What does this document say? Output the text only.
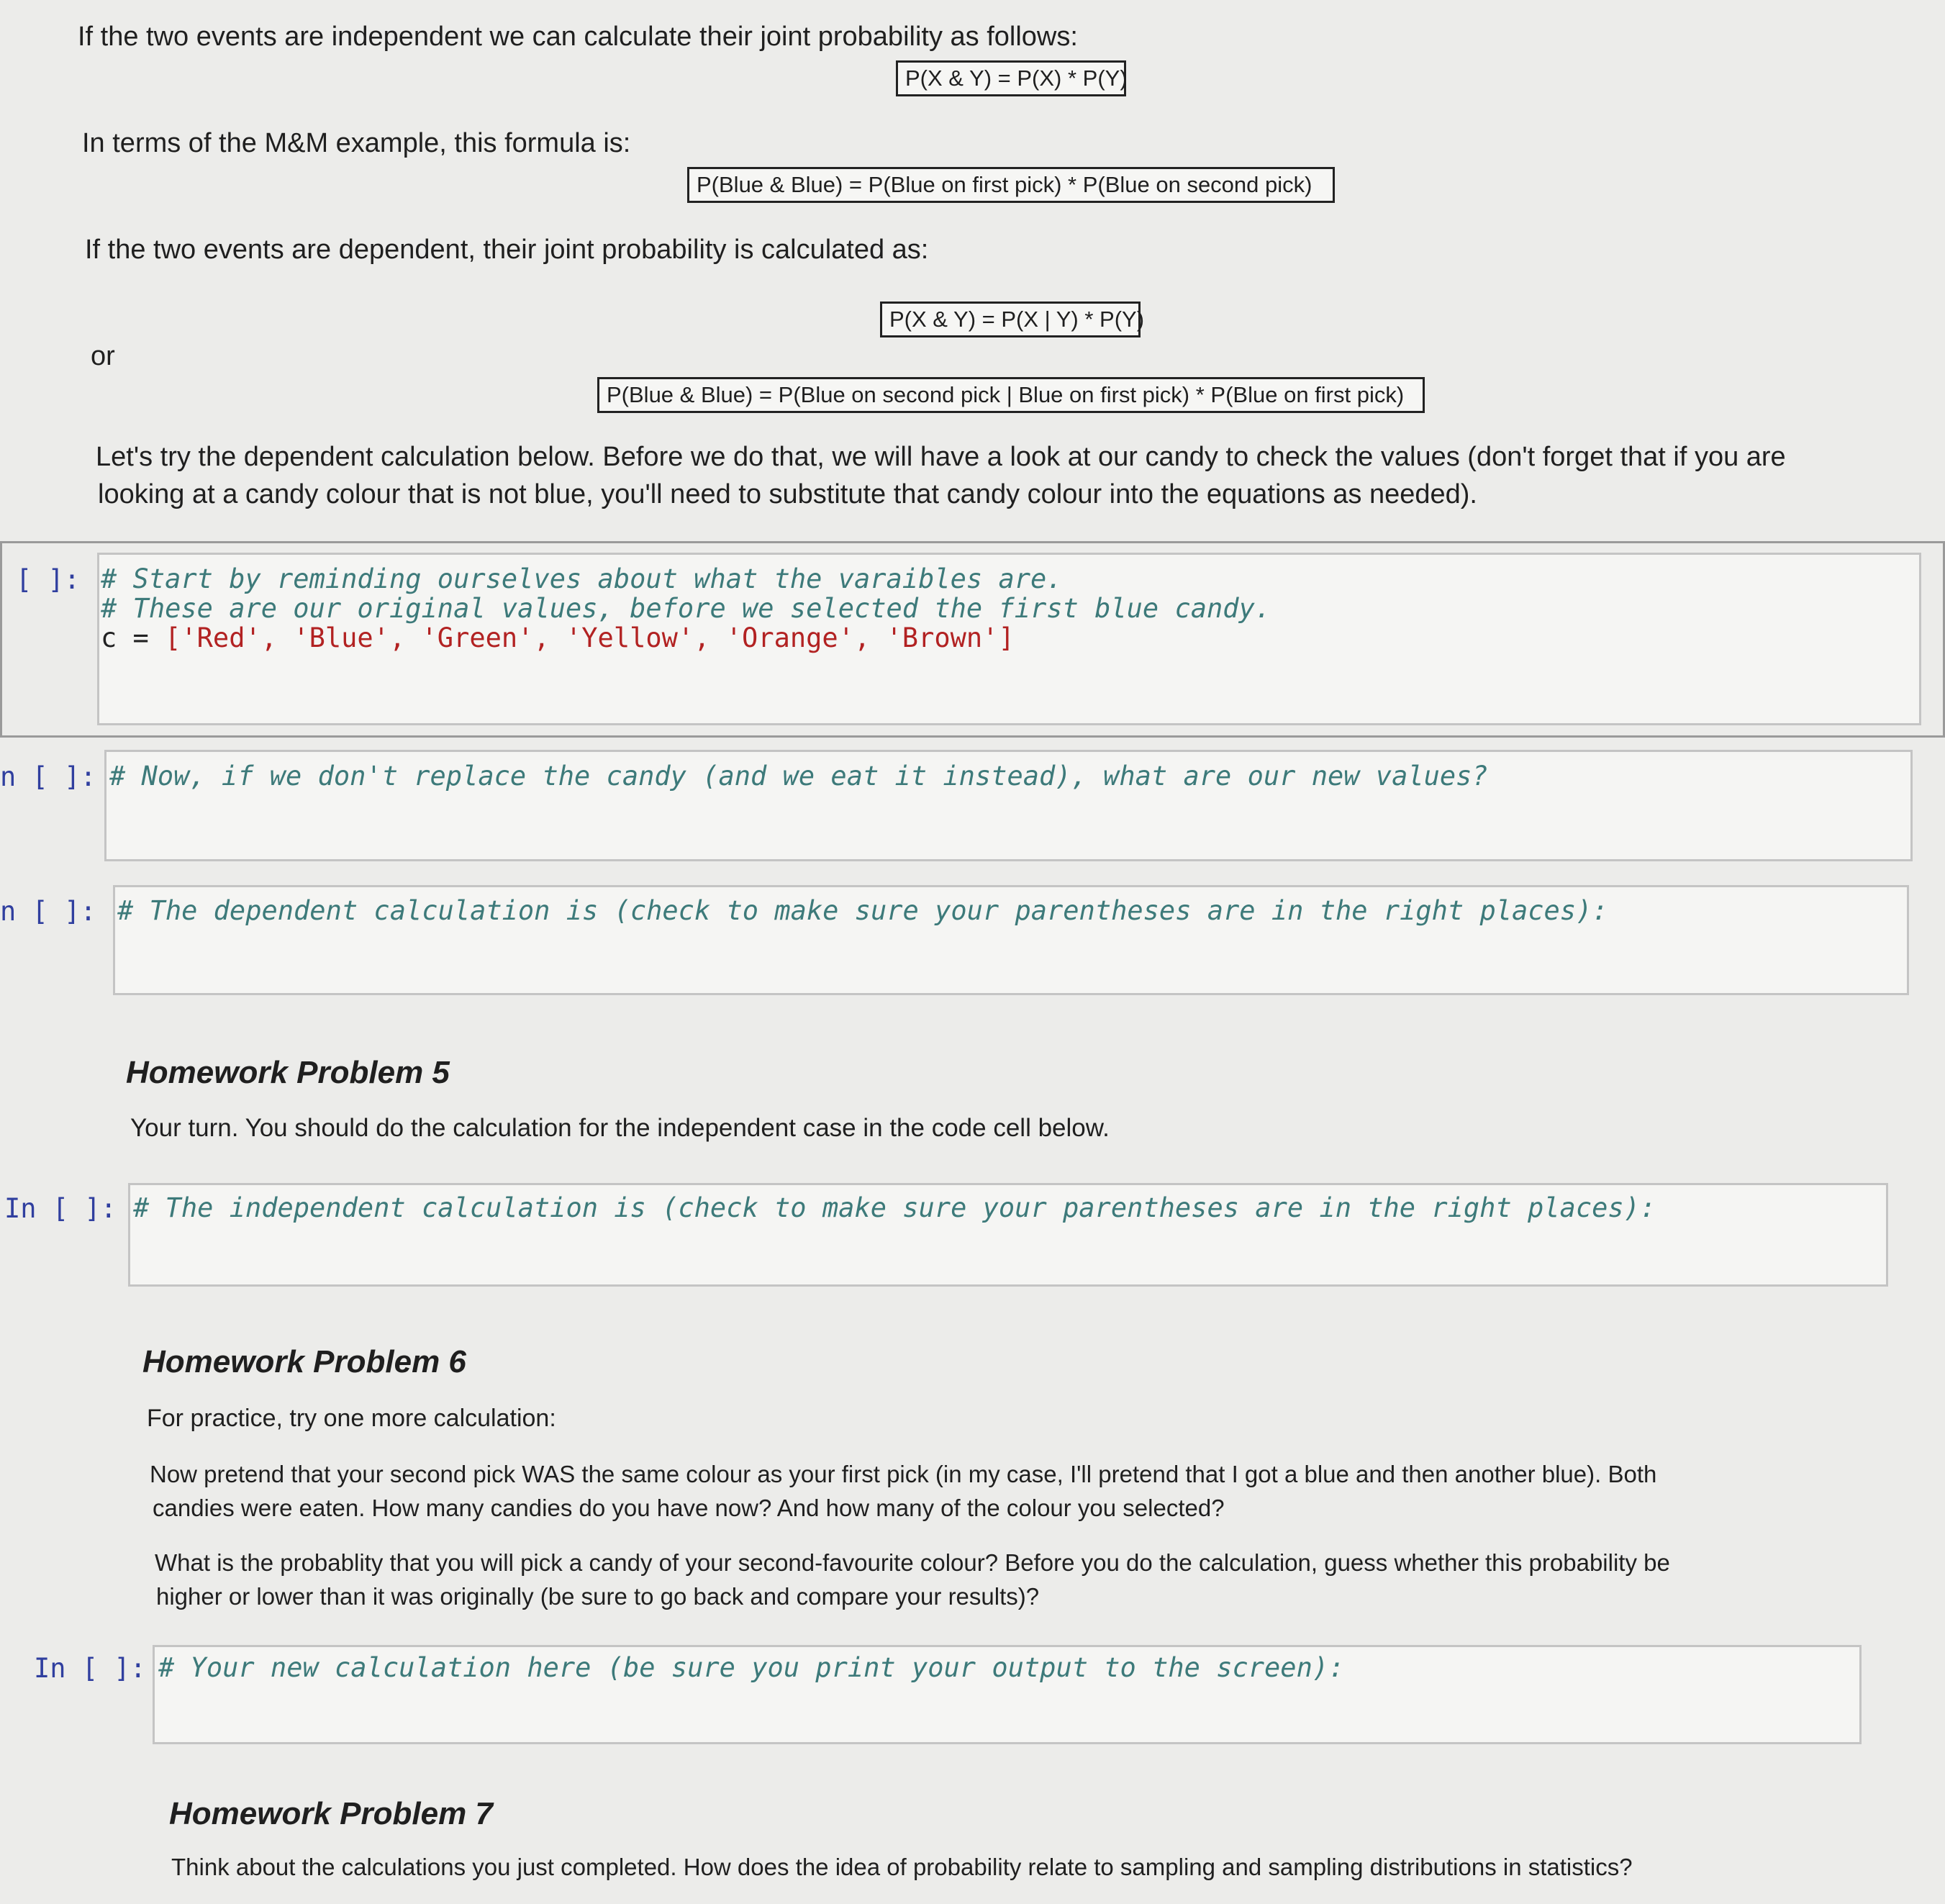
If the two events are independent we can calculate their joint probability as follows:
P(X & Y) = P(X) * P(Y)
In terms of the M&M example, this formula is:
P(Blue & Blue) = P(Blue on first pick) * P(Blue on second pick)
If the two events are dependent, their joint probability is calculated as:
P(X & Y) = P(X | Y) * P(Y)
or
P(Blue & Blue) = P(Blue on second pick | Blue on first pick) * P(Blue on first pick)
Let's try the dependent calculation below. Before we do that, we will have a look at our candy to check the values (don't forget that if you are
looking at a candy colour that is not blue, you'll need to substitute that candy colour into the equations as needed).
[ ]: # Start by reminding ourselves about what the varaibles are.
# These are our original values, before we selected the first blue candy.
c = ['Red', 'Blue', 'Green', 'Yellow', 'Orange', 'Brown']
n [ ]: # Now, if we don't replace the candy (and we eat it instead), what are our new values?
n [ ]: # The dependent calculation is (check to make sure your parentheses are in the right places):
Homework Problem 5
Your turn. You should do the calculation for the independent case in the code cell below.
In [ ]: # The independent calculation is (check to make sure your parentheses are in the right places):
Homework Problem 6
For practice, try one more calculation:
Now pretend that your second pick WAS the same colour as your first pick (in my case, I'll pretend that I got a blue and then another blue). Both
candies were eaten. How many candies do you have now? And how many of the colour you selected?
What is the probablity that you will pick a candy of your second-favourite colour? Before you do the calculation, guess whether this probability be
higher or lower than it was originally (be sure to go back and compare your results)?
In [ ]: # Your new calculation here (be sure you print your output to the screen):
Homework Problem 7
Think about the calculations you just completed. How does the idea of probability relate to sampling and sampling distributions in statistics?
